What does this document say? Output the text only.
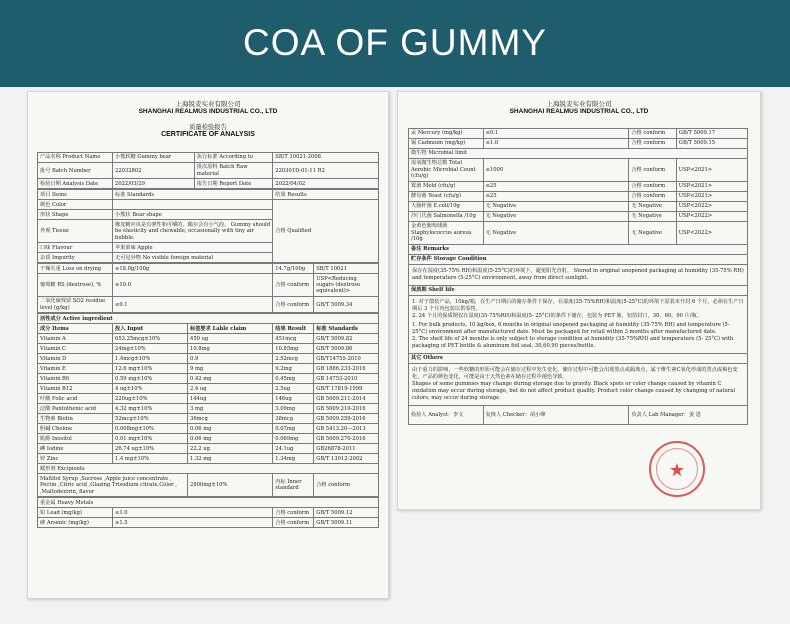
COA OF GUMMY
上海锐麦实业有限公司
SHANGHAI REALMUS INDUSTRIAL CO., LTD
质量检验报告
CERTIFICATE OF ANALYSIS
产品名称 Product Name	小熊软糖 Gummy bear	执行标准 According to	SB/T 10021-2008
批号 Batch Number	22032802	批次原料 Batch Raw material	220301D-01-11 R2
检验日期 Analysis Date	2022/03/29	报告日期 Report Date	2022/04/02
项目 Items	标准 Standards	结果 Results
颜色 Color		合格 Qualified
形状 Shape	小熊状 Bear shape	
外观 Tissue	橡皮糖应该是有弹性和可嚼的，偶尔会有小气泡。 Gummy should be elasticity and chewable, occasionally with tiny air bubble.	
口味 Flavour	苹果果味 Apple	
杂质 Impurity	无可见异物 No visible foreign material	
干燥失重 Loss on drying	≤18.0g/100g	14.7g/100g	SB/T 10021
葡萄糖 RS (dextrose), %	≥10.0	合格 conform	USP<Reducing sugars (dextrose equivalent)>
二氧化硫残留 SO2 residue level (g/kg)	≤0.1	合格 conform	GB/T 5009.34
活性成分 Active ingredient				
成分 Items	投入 Input	标签要求 Lable claim	结果 Result	标准 Standards
Vitamin A	653.25mcg±10%	450 ug	451mcg	GB/T 5009.82
Vitamin C	24mg±10%	10.8mg	10.85mg	GB/T 5009.86
Vitamin D	1.4mcg±10%	0.9	2.52mcg	GB/T14755-2010
Vitamin E	12.6 mg±10%	9 mg	9.2mg	GB 1886.233-2016
Vitamin B6	0.59 mg±10%	0.42 mg	0.45mg	GB 14753-2010
Vitamin B12	4 ug±10%	2.4 ug	2.5ug	GB/T 17819-1999
叶酸 Folic acid	220ug±10%	144ug	146ug	GB 5009.211-2014
泛酸 Pantothenic acid	4.32 mg±10%	3 mg	3.09mg	GB 5009.210-2016
生物素 Biotin	52mcg±10%	36mcg	38mcg	GB 5009.259-2016
胆碱 Choline	0.008mg±10%	0.06 mg	0.07mg	GB 5413.20—2013
肌醇 Inositol	0.01 mg±10%	0.06 mg	0.069mg	GB 5009.270-2016
碘 Iodine	26.74 ug±10%	22.2 ug	24.1ug	GB26878-2011
锌 Zinc	1.4 mg±10%	1.32 mg	1.34mg	GB/T 13912-2002
赋形剂 Excipients				
Maltitol Syrup ,Sucrose ,Apple juice concentrate , Pectin ,Citric acid ,Glazing Trisodium citrate,Color , ,Maltodextrin, flavor		2800mg±10%	内标 Inner standard	合格 conform
重金属 Heavy Metals			
铅 Lead (mg/kg)	≤1.0	合格 conform	GB/T 5009.12
砷 Arsenic (mg/kg)	≤1.5	合格 conform	GB/T 5009.11
上海锐麦实业有限公司
SHANGHAI REALMUS INDUSTRIAL CO., LTD
汞 Mercury (mg/kg)	≤0.1	合格 conform	GB/T 5009.17
镉 Cadmium (mg/kg)	≤1.0	合格 conform	GB/T 5009.15
微生物 Microbial limit			
需氧微生物总数 Total Aerobic Microbial Count (cfu/g)	≤1000	合格 conform	USP<2021>
霉菌 Mold (cfu/g)	≤25	合格 conform	USP<2021>
酵母菌 Yeast (cfu/g)	≤25	合格 conform	USP<2021>
大肠杆菌 E.coli/10g	无 Negative	无 Negative	USP<2022>
沙门氏菌 Salmonella /10g	无 Negative	无 Negative	USP<2022>
金黄色葡萄球菌 Staphylococcus aureus /10g	无 Negative	无 Negative	USP<2022>
备注 Remarks			
贮存条件 Storage Condition			
保存在湿度(35-75% RH)和温度(5-25°C)的环境下，避免阳光直射。 Stored in original unopened packaging at humidity (35-75% RH) and temperature (5-25°C) environment, away from direct sunlight.			
保质期 Shelf life			

1. 对于散装产品，10kg/箱，在生产日期后的储存条件下保存，在湿度(35-75%RH)和温度(5-25°C)的环境下原装未开封 6 个月，必须在生产日期后 3 个月内包装以供零售。
2. 24 个月的保质期仅在湿度(35-75%RH)和温度(5- 25°C)的条件下储存，包装为 PET 瓶，铝箔封口，30、60、90 片/瓶。
1. For bulk products, 10 kg/box, 6 months in original unopened packaging at humidity (35-75% RH) and temperature (5-25°C) environment after manufactured date. Must be packaged for retail within 3 months after manufactured date.
2. The shelf life of 24 months is only subject to storage condition at humidity (35-75%RH) and temperature (5- 25°C) with packaging of PET bottle & aluminum foil seal, 30,60,90 pieces/bottle.			

其它 Others			

由于重力的影响，一些软糖的形状可能会在储存过程中发生变化。储存过程中可能会出现黑点或隔离点，属于维生素C氧化形成的黑点或褐色变化，产品的颜色变化，可能是由于天然色素在储存过程中褪色导致。
Shapes of some gummies may change during storage due to gravity. Black spots or color change caused by vitamin C oxidation may occur during storage, but do not affect product quality. Product color change caused by changing of natural colors, may occur during storage.			

检验人 Analyst：李文	复核人 Checker：胡小峰	负责人 Lab Manager：姜 恩	
★
